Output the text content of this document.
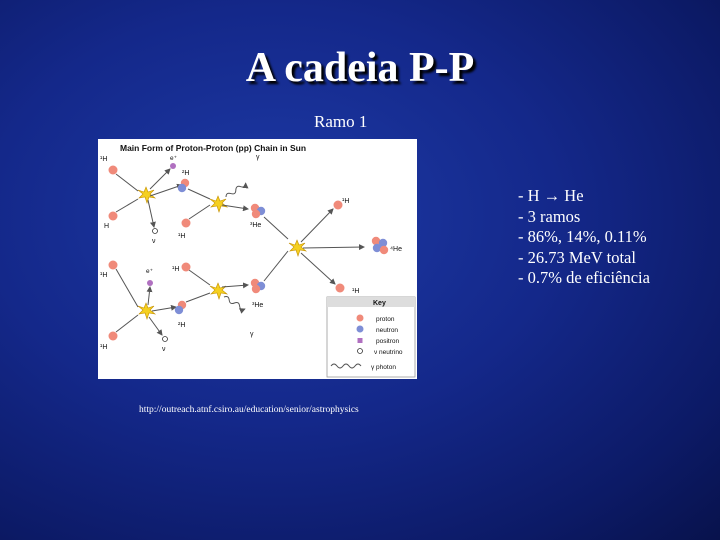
A cadeia P-P
Ramo 1
Main Form of Proton-Proton (pp) Chain in Sun
¹H
H
e⁺
²H
ν
¹H
γ
³He
¹H
¹H
e⁺
²H
ν
¹H
³He
γ
¹H
⁴He
¹H
Key
proton
neutron
positron
ν neutrino
γ photon
http://outreach.atnf.csiro.au/education/senior/astrophysics
- H → He
- 3 ramos
- 86%, 14%, 0.11%
- 26.73 MeV total
- 0.7% de eficiência
